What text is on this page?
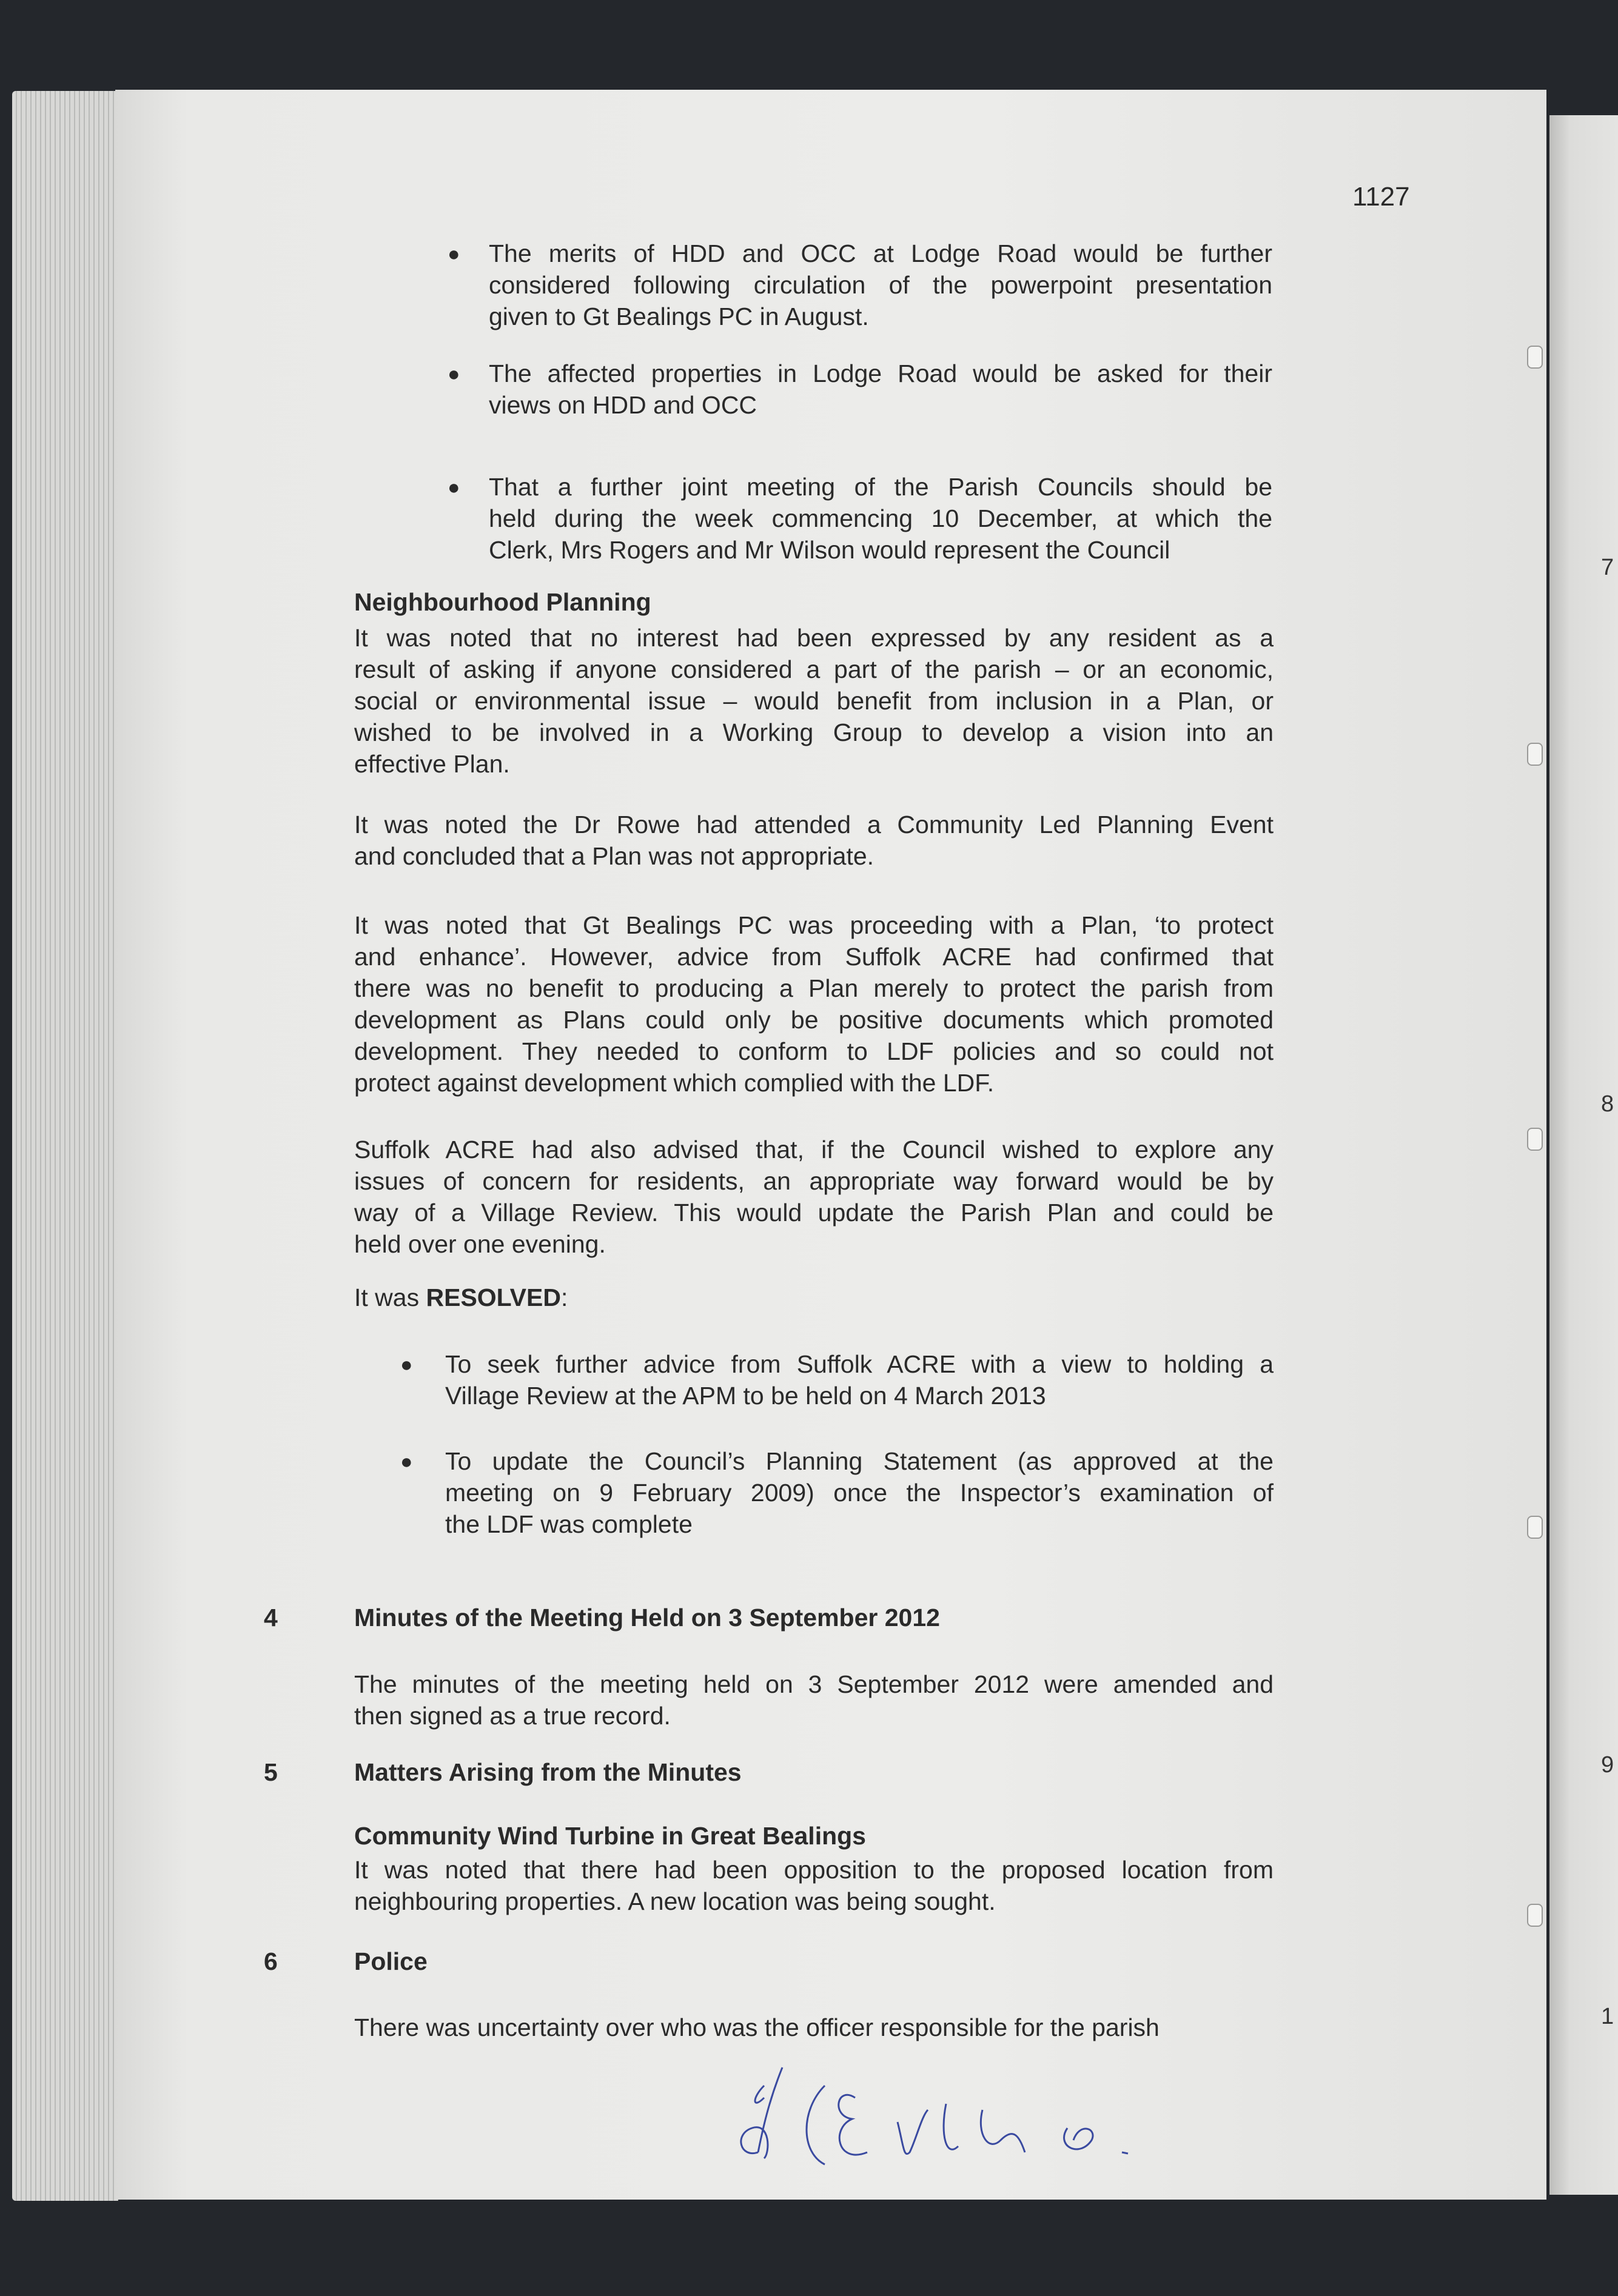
7
8
9
1
1127
● The merits of HDD and OCC at Lodge Road would be further
considered following circulation of the powerpoint presentation
given to Gt Bealings PC in August.
● The affected properties in Lodge Road would be asked for their
views on HDD and OCC
● That a further joint meeting of the Parish Councils should be
held during the week commencing 10 December, at which the
Clerk, Mrs Rogers and Mr Wilson would represent the Council
Neighbourhood Planning
It was noted that no interest had been expressed by any resident as a
result of asking if anyone considered a part of the parish – or an economic,
social or environmental issue – would benefit from inclusion in a Plan, or
wished to be involved in a Working Group to develop a vision into an
effective Plan.
It was noted the Dr Rowe had attended a Community Led Planning Event
and concluded that a Plan was not appropriate.
It was noted that Gt Bealings PC was proceeding with a Plan, ‘to protect
and enhance’. However, advice from Suffolk ACRE had confirmed that
there was no benefit to producing a Plan merely to protect the parish from
development as Plans could only be positive documents which promoted
development. They needed to conform to LDF policies and so could not
protect against development which complied with the LDF.
Suffolk ACRE had also advised that, if the Council wished to explore any
issues of concern for residents, an appropriate way forward would be by
way of a Village Review. This would update the Parish Plan and could be
held over one evening.
It was RESOLVED:
● To seek further advice from Suffolk ACRE with a view to holding a
Village Review at the APM to be held on 4 March 2013
● To update the Council’s Planning Statement (as approved at the
meeting on 9 February 2009) once the Inspector’s examination of
the LDF was complete
4	Minutes of the Meeting Held on 3 September 2012
The minutes of the meeting held on 3 September 2012 were amended and
then signed as a true record.
5	Matters Arising from the Minutes
Community Wind Turbine in Great Bealings
It was noted that there had been opposition to the proposed location from
neighbouring properties. A new location was being sought.
6	Police
There was uncertainty over who was the officer responsible for the parish
